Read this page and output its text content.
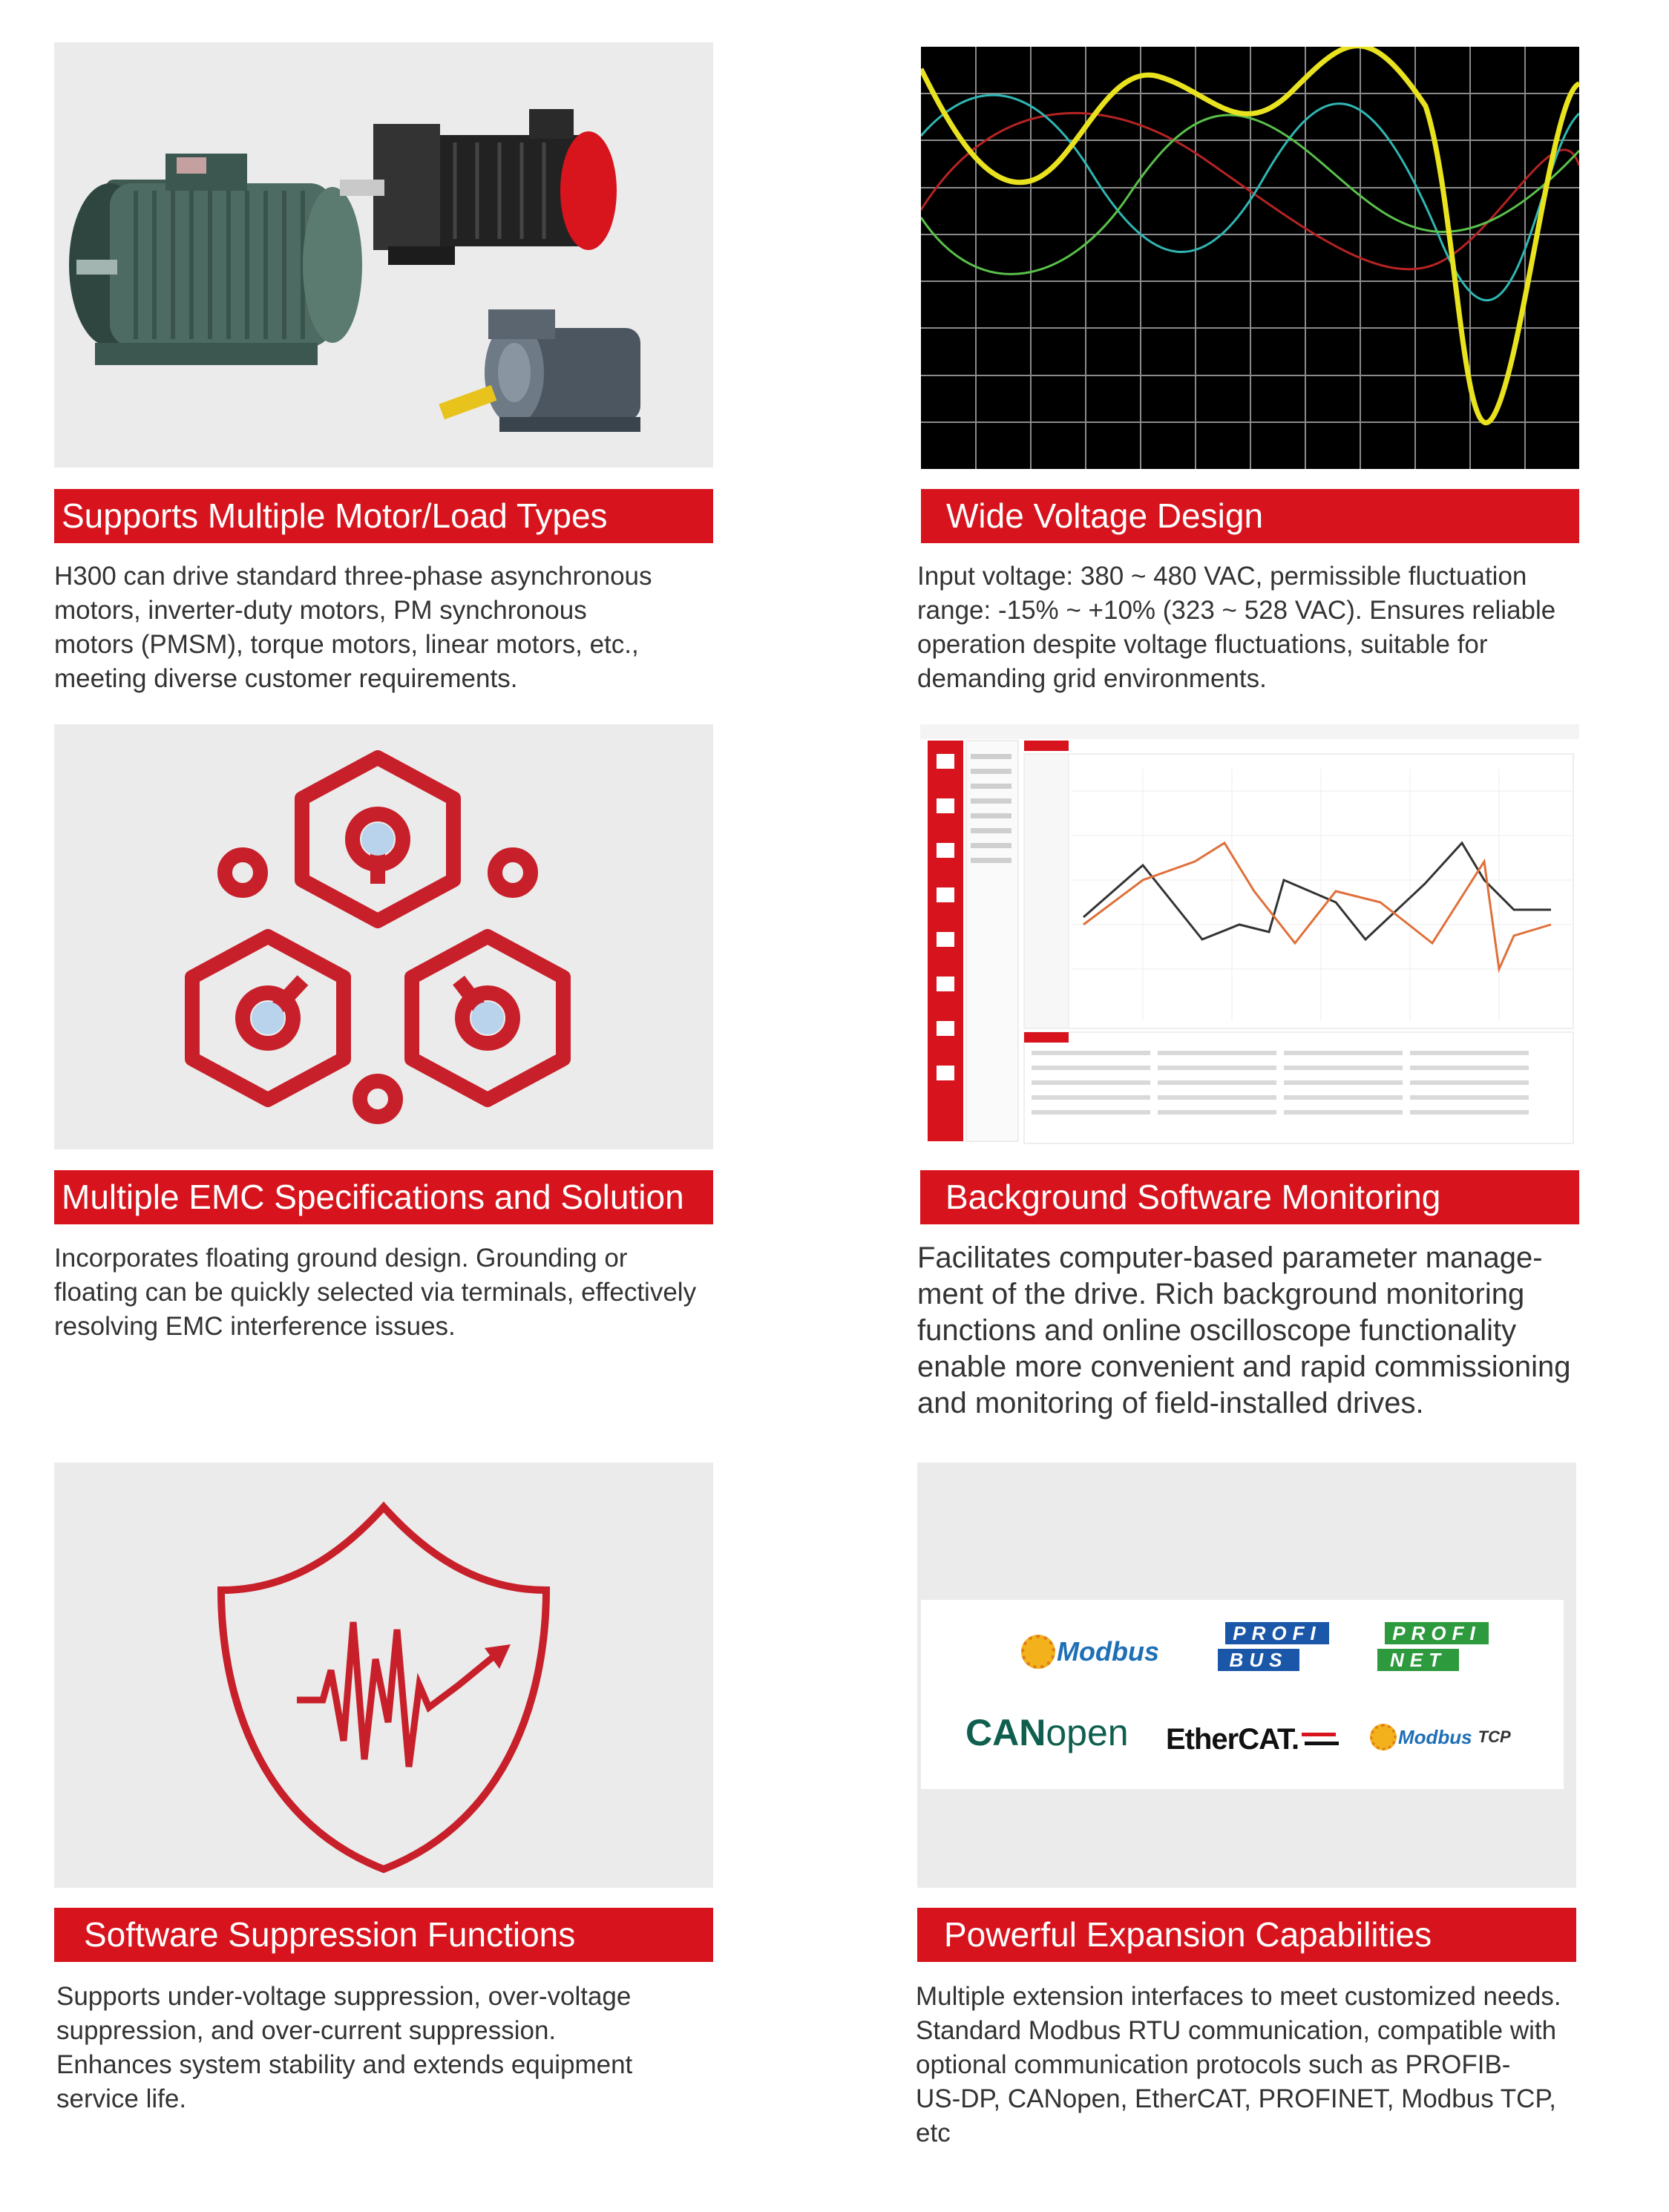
Supports Multiple Motor/Load Types
H300 can drive standard three-phase asynchronous
motors, inverter-duty motors, PM synchronous
motors (PMSM), torque motors, linear motors, etc.,
meeting diverse customer requirements.
Wide Voltage Design
Input voltage: 380 ~ 480 VAC, permissible fluctuation
range: -15% ~ +10% (323 ~ 528 VAC). Ensures reliable
operation despite voltage fluctuations, suitable for
demanding grid environments.
Multiple EMC Specifications and Solution
Incorporates floating ground design. Grounding or
floating can be quickly selected via terminals, effectively
resolving EMC interference issues.
Background Software Monitoring
Facilitates computer-based parameter manage-
ment of the drive. Rich background monitoring
functions and online oscilloscope functionality
enable more convenient and rapid commissioning
and monitoring of field-installed drives.
Software Suppression Functions
Supports under-voltage suppression, over-voltage
suppression, and over-current suppression.
Enhances system stability and extends equipment
service life.
Modbus
PROFI
BUS
PROFI
NET
CANopen EtherCAT.	Modbus TCP
Powerful Expansion Capabilities
Multiple extension interfaces to meet customized needs.
Standard Modbus RTU communication, compatible with
optional communication protocols such as PROFIB-
US-DP, CANopen, EtherCAT, PROFINET, Modbus TCP,
etc
